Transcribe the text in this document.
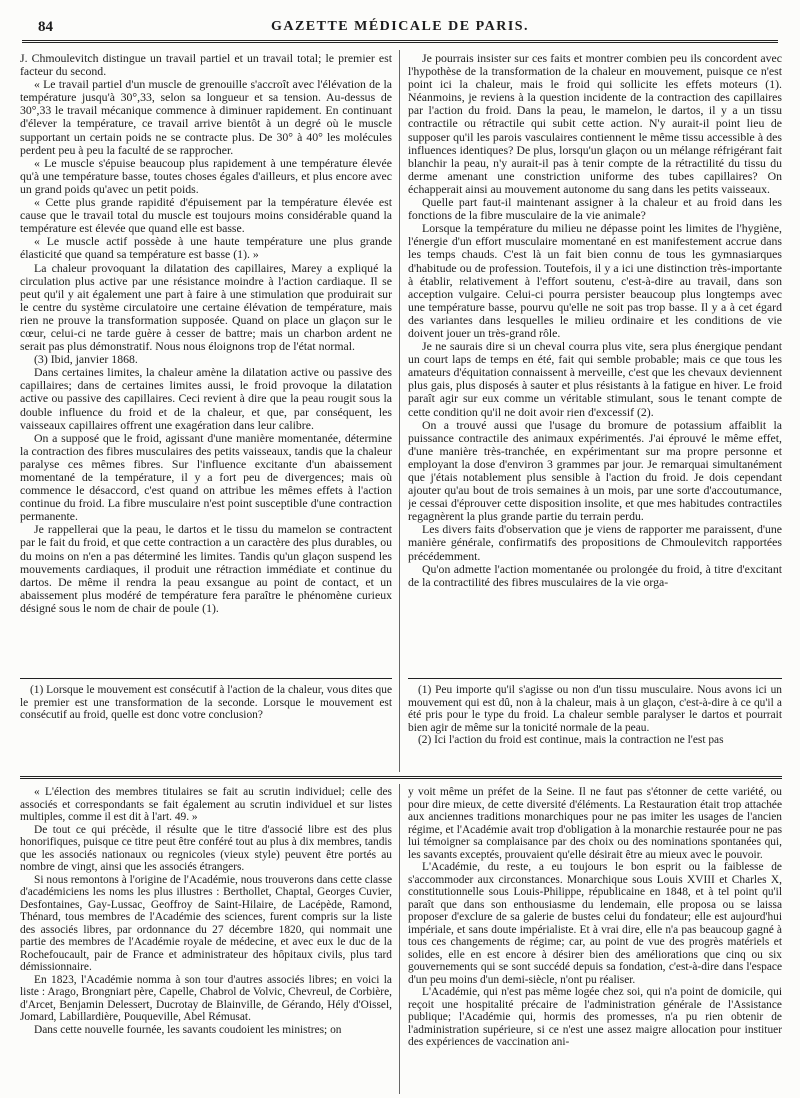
84	GAZETTE MÉDICALE DE PARIS.

J. Chmoulevitch distingue un travail partiel et un travail total; le premier est facteur du second.

« Le travail partiel d'un muscle de grenouille s'accroît avec l'élévation de la température jusqu'à 30°,33, selon sa longueur et sa tension. Au-dessus de 30°,33 le travail mécanique commence à diminuer rapidement. En continuant d'élever la température, ce travail arrive bientôt à un degré où le muscle supportant un certain poids ne se contracte plus. De 30° à 40° les molécules perdent peu à peu la faculté de se rapprocher.

« Le muscle s'épuise beaucoup plus rapidement à une température élevée qu'à une température basse, toutes choses égales d'ailleurs, et plus encore avec un grand poids qu'avec un petit poids.

« Cette plus grande rapidité d'épuisement par la température élevée est cause que le travail total du muscle est toujours moins considérable quand la température est élevée que quand elle est basse.

« Le muscle actif possède à une haute température une plus grande élasticité que quand sa température est basse (1). »

La chaleur provoquant la dilatation des capillaires, Marey a expliqué la circulation plus active par une résistance moindre à l'action cardiaque. Il se peut qu'il y ait également une part à faire à une stimulation que produirait sur le centre du système circulatoire une certaine élévation de température, mais rien ne prouve la transformation supposée. Quand on place un glaçon sur le cœur, celui-ci ne tarde guère à cesser de battre; mais un charbon ardent ne serait pas plus démonstratif. Nous nous éloignons trop de l'état normal.

(3) Ibid, janvier 1868.

Dans certaines limites, la chaleur amène la dilatation active ou passive des capillaires; dans de certaines limites aussi, le froid provoque la dilatation active ou passive des capillaires. Ceci revient à dire que la peau rougit sous la double influence du froid et de la chaleur, et que, par conséquent, les vaisseaux capillaires offrent une exagération dans leur calibre.

On a supposé que le froid, agissant d'une manière momentanée, détermine la contraction des fibres musculaires des petits vaisseaux, tandis que la chaleur paralyse ces mêmes fibres. Sur l'influence excitante d'un abaissement momentané de la température, il y a fort peu de divergences; mais où commence le désaccord, c'est quand on attribue les mêmes effets à l'action continue du froid. La fibre musculaire n'est point susceptible d'une contraction permanente.

Je rappellerai que la peau, le dartos et le tissu du mamelon se contractent par le fait du froid, et que cette contraction a un caractère des plus durables, ou du moins on n'en a pas déterminé les limites. Tandis qu'un glaçon suspend les mouvements cardiaques, il produit une rétraction immédiate et continue du dartos. De même il rendra la peau exsangue au point de contact, et un abaissement plus modéré de température fera paraître le phénomène curieux désigné sous le nom de chair de poule (1).

Je pourrais insister sur ces faits et montrer combien peu ils concordent avec l'hypothèse de la transformation de la chaleur en mouvement, puisque ce n'est point ici la chaleur, mais le froid qui sollicite les effets moteurs (1). Néanmoins, je reviens à la question incidente de la contraction des capillaires par l'action du froid. Dans la peau, le mamelon, le dartos, il y a un tissu contractile ou rétractile qui subit cette action. N'y aurait-il point lieu de supposer qu'il les parois vasculaires contiennent le même tissu accessible à des influences identiques? De plus, lorsqu'un glaçon ou un mélange réfrigérant fait blanchir la peau, n'y aurait-il pas à tenir compte de la rétractilité du tissu du derme amenant une constriction uniforme des tubes capillaires? On échapperait ainsi au mouvement autonome du sang dans les petits vaisseaux.

Quelle part faut-il maintenant assigner à la chaleur et au froid dans les fonctions de la fibre musculaire de la vie animale?

Lorsque la température du milieu ne dépasse point les limites de l'hygiène, l'énergie d'un effort musculaire momentané en est manifestement accrue dans les temps chauds. C'est là un fait bien connu de tous les gymnasiarques d'habitude ou de profession. Toutefois, il y a ici une distinction très-importante à établir, relativement à l'effort soutenu, c'est-à-dire au travail, dans son acception vulgaire. Celui-ci pourra persister beaucoup plus longtemps avec une température basse, pourvu qu'elle ne soit pas trop basse. Il y a à cet égard des variantes dans lesquelles le milieu ordinaire et les conditions de vie doivent jouer un très-grand rôle.

Je ne saurais dire si un cheval courra plus vite, sera plus énergique pendant un court laps de temps en été, fait qui semble probable; mais ce que tous les amateurs d'équitation connaissent à merveille, c'est que les chevaux deviennent plus gais, plus disposés à sauter et plus résistants à la fatigue en hiver. Le froid paraît agir sur eux comme un véritable stimulant, sous le tenant compte de cette condition qu'il ne doit avoir rien d'excessif (2).

On a trouvé aussi que l'usage du bromure de potassium affaiblit la puissance contractile des animaux expérimentés. J'ai éprouvé le même effet, d'une manière très-tranchée, en expérimentant sur ma propre personne et employant la dose d'environ 3 grammes par jour. Je remarquai simultanément que j'étais notablement plus sensible à l'action du froid. Je dois cependant ajouter qu'au bout de trois semaines à un mois, par une sorte d'accoutumance, je cessai d'éprouver cette disposition insolite, et que mes habitudes contractiles regagnèrent la plus grande partie du terrain perdu.

Les divers faits d'observation que je viens de rapporter me paraissent, d'une manière générale, confirmatifs des propositions de Chmoulevitch rapportées précédemment.

Qu'on admette l'action momentanée ou prolongée du froid, à titre d'excitant de la contractilité des fibres musculaires de la vie orga-

(1) Lorsque le mouvement est consécutif à l'action de la chaleur, vous dites que le premier est une transformation de la seconde. Lorsque le mouvement est consécutif au froid, quelle est donc votre conclusion?

(1) Peu importe qu'il s'agisse ou non d'un tissu musculaire. Nous avons ici un mouvement qui est dû, non à la chaleur, mais à un glaçon, c'est-à-dire à ce qu'il a été pris pour le type du froid. La chaleur semble paralyser le dartos et pourrait bien agir de même sur la tonicité normale de la peau.

(2) Ici l'action du froid est continue, mais la contraction ne l'est pas

« L'élection des membres titulaires se fait au scrutin individuel; celle des associés et correspondants se fait également au scrutin individuel et sur listes multiples, comme il est dit à l'art. 49. »

De tout ce qui précède, il résulte que le titre d'associé libre est des plus honorifiques, puisque ce titre peut être conféré tout au plus à dix membres, tandis que les associés nationaux ou regnicoles (vieux style) peuvent être portés au nombre de vingt, ainsi que les associés étrangers.

Si nous remontons à l'origine de l'Académie, nous trouverons dans cette classe d'académiciens les noms les plus illustres : Berthollet, Chaptal, Georges Cuvier, Desfontaines, Gay-Lussac, Geoffroy de Saint-Hilaire, de Lacépède, Ramond, Thénard, tous membres de l'Académie des sciences, furent compris sur la liste des associés libres, par ordonnance du 27 décembre 1820, qui nommait une partie des membres de l'Académie royale de médecine, et avec eux le duc de la Rochefoucault, pair de France et administrateur des hôpitaux civils, plus tard démissionnaire.

En 1823, l'Académie nomma à son tour d'autres associés libres; en voici la liste : Arago, Brongniart père, Capelle, Chabrol de Volvic, Chevreul, de Corbière, d'Arcet, Benjamin Delessert, Ducrotay de Blainville, de Gérando, Hély d'Oissel, Jomard, Labillardière, Pouqueville, Abel Rémusat.

Dans cette nouvelle fournée, les savants coudoient les ministres; on

y voit même un préfet de la Seine. Il ne faut pas s'étonner de cette variété, ou pour dire mieux, de cette diversité d'éléments. La Restauration était trop attachée aux anciennes traditions monarchiques pour ne pas imiter les usages de l'ancien régime, et l'Académie avait trop d'obligation à la monarchie restaurée pour ne pas lui témoigner sa complaisance par des choix ou des nominations spontanées qui, les savants exceptés, prouvaient qu'elle désirait être au mieux avec le pouvoir.

L'Académie, du reste, a eu toujours le bon esprit ou la faiblesse de s'accommoder aux circonstances. Monarchique sous Louis XVIII et Charles X, constitutionnelle sous Louis-Philippe, républicaine en 1848, et à tel point qu'il paraît que dans son enthousiasme du lendemain, elle proposa ou se laissa proposer d'exclure de sa galerie de bustes celui du fondateur; elle est aujourd'hui impériale, et sans doute impérialiste. Et à vrai dire, elle n'a pas beaucoup gagné à tous ces changements de régime; car, au point de vue des progrès matériels et solides, elle en est encore à désirer bien des améliorations que cinq ou six gouvernements qui se sont succédé depuis sa fondation, c'est-à-dire dans l'espace d'un peu moins d'un demi-siècle, n'ont pu réaliser.

L'Académie, qui n'est pas même logée chez soi, qui n'a point de domicile, qui reçoit une hospitalité précaire de l'administration générale de l'Assistance publique; l'Académie qui, hormis des promesses, n'a pu rien obtenir de l'administration supérieure, si ce n'est une assez maigre allocation pour instituer des expériences de vaccination ani-
